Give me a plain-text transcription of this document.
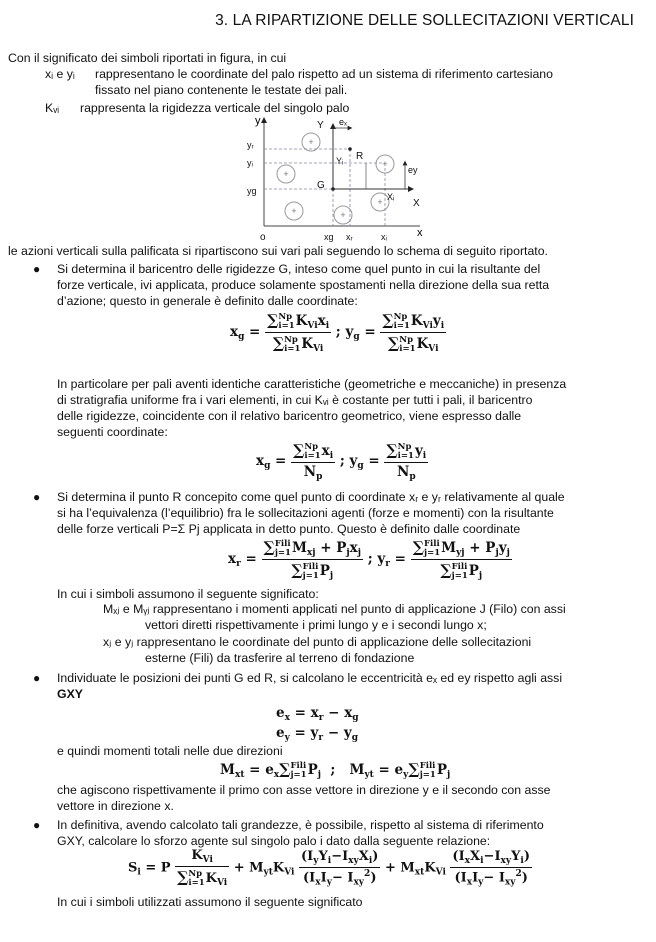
3. LA RIPARTIZIONE DELLE SOLLECITAZIONI VERTICALI
Con il significato dei simboli riportati in figura, in cui
xᵢ e yᵢ rappresentano le coordinate del palo rispetto ad un sistema di riferimento cartesiano
fissato nel piano contenente le testate dei pali.
Kᵥᵢ rappresenta la rigidezza verticale del singolo palo
y
x
+
+
+
+	+
+
Y
X
G
R
yᵣ
yᵢ
yg
Yᵢ
Xᵢ
eₓ
ey
o	xg xᵣ	xᵢ
le azioni verticali sulla palificata si ripartiscono sui vari pali seguendo lo schema di seguito riportato.
● Si determina il baricentro delle rigidezze G, inteso come quel punto in cui la risultante del
forze verticale, ivi applicata, produce solamente spostamenti nella direzione della sua retta
d’azione; questo in generale è definito dalle coordinate:
$x_g$ = ∑ Np
i=1 $K_{Vi}x_i$
∑ Np
i=1 $K_{Vi}$ ; $y_g$ = ∑ Np
i=1 $K_{Vi}y_i$
∑ Np
i=1 $K_{Vi}$
In particolare per pali aventi identiche caratteristiche (geometriche e meccaniche) in presenza
di stratigrafia uniforme fra i vari elementi, in cui Kᵥᵢ è costante per tutti i pali, il baricentro
delle rigidezze, coincidente con il relativo baricentro geometrico, viene espresso dalle
seguenti coordinate:
$x_g$ = ∑ Np
i=1 $x_i$
$N_p$ ; $y_g$ = ∑ Np
i=1 $y_i$
$N_p$
● Si determina il punto R concepito come quel punto di coordinate xᵣ e yᵣ relativamente al quale
si ha l’equivalenza (l’equilibrio) fra le sollecitazioni agenti (forze e momenti) con la risultante
delle forze verticali P=Σ Pj applicata in detto punto. Questo è definito dalle coordinate
$x_r$ = ∑ Fili
j=1 $M_{xj} + P_jx_j$
∑ Fili
j=1 $P_j$ ; $y_r$ = ∑ Fili
j=1 $M_{yj} + P_jy_j$
∑ Fili
j=1 $P_j$
In cui i simboli assumono il seguente significato:
Mₓⱼ e Mᵧⱼ rappresentano i momenti applicati nel punto di applicazione J (Filo) con assi
vettori diretti rispettivamente i primi lungo y e i secondi lungo x;
xⱼ e yⱼ rappresentano le coordinate del punto di applicazione delle sollecitazioni
esterne (Fili) da trasferire al terreno di fondazione
● Individuate le posizioni dei punti G ed R, si calcolano le eccentricità eₓ ed ey rispetto agli assi
GXY
$e_x = x_r - x_g$
$e_y = y_r - y_g$
e quindi momenti totali nelle due direzioni
$M_{xt} = e_x\sum$ Fili
j=1 $P_j$  ;   $M_{yt} = e_y\sum$ Fili
j=1 $P_j$
che agiscono rispettivamente il primo con asse vettore in direzione y e il secondo con asse
vettore in direzione x.
● In definitiva, avendo calcolato tali grandezze, è possibile, rispetto al sistema di riferimento
GXY, calcolare lo sforzo agente sul singolo palo i dato dalla seguente relazione:
$S_i = P$ $K_{Vi}$
∑ Np
i=1 $K_{Vi} + M_{yt}K_{Vi} \frac{(I_yY_i-I_{xy}X_i)}{(I_xI_y- I_{xy}^2)} + M_{xt}K_{Vi} \frac{(I_xX_i-I_{xy}Y_i)}{(I_xI_y- I_{xy}^2)}$
In cui i simboli utilizzati assumono il seguente significato
